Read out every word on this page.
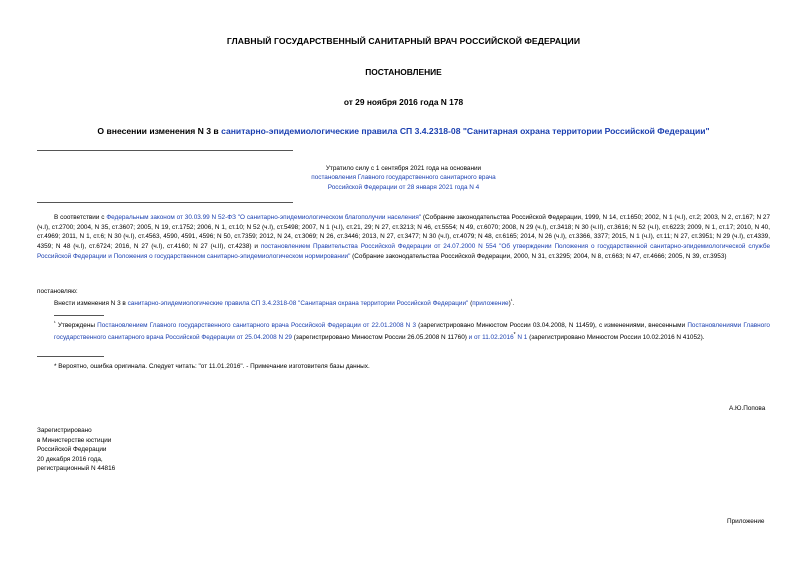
ГЛАВНЫЙ ГОСУДАРСТВЕННЫЙ САНИТАРНЫЙ ВРАЧ РОССИЙСКОЙ ФЕДЕРАЦИИ
ПОСТАНОВЛЕНИЕ
от 29 ноября 2016 года N 178
О внесении изменения N 3 в санитарно-эпидемиологические правила СП 3.4.2318-08 "Санитарная охрана территории Российской Федерации"
Утратило силу с 1 сентября 2021 года на основании
постановления Главного государственного санитарного врача
Российской Федерации от 28 января 2021 года N 4
В соответствии с Федеральным законом от 30.03.99 N 52-ФЗ "О санитарно-эпидемиологическом благополучии населения" (Собрание законодательства Российской Федерации, 1999, N 14, ст.1650; 2002, N 1 (ч.I), ст.2; 2003, N 2, ст.167; N 27 (ч.I), ст.2700; 2004, N 35, ст.3607; 2005, N 19, ст.1752; 2006, N 1, ст.10; N 52 (ч.I), ст.5498; 2007, N 1 (ч.I), ст.21, 29; N 27, ст.3213; N 46, ст.5554; N 49, ст.6070; 2008, N 29 (ч.I), ст.3418; N 30 (ч.II), ст.3616; N 52 (ч.I), ст.6223; 2009, N 1, ст.17; 2010, N 40, ст.4969; 2011, N 1, ст.6; N 30 (ч.I), ст.4563, 4590, 4591, 4596; N 50, ст.7359; 2012, N 24, ст.3069; N 26, ст.3446; 2013, N 27, ст.3477; N 30 (ч.I), ст.4079; N 48, ст.6165; 2014, N 26 (ч.I), ст.3366, 3377; 2015, N 1 (ч.I), ст.11; N 27, ст.3951; N 29 (ч.I), ст.4339, 4359; N 48 (ч.I), ст.6724; 2016, N 27 (ч.I), ст.4160; N 27 (ч.II), ст.4238) и постановлением Правительства Российской Федерации от 24.07.2000 N 554 "Об утверждении Положения о государственной санитарно-эпидемиологической службе Российской Федерации и Положения о государственном санитарно-эпидемиологическом нормировании" (Собрание законодательства Российской Федерации, 2000, N 31, ст.3295; 2004, N 8, ст.663; N 47, ст.4666; 2005, N 39, ст.3953)
постановляю:
Внести изменения N 3 в санитарно-эпидемиологические правила СП 3.4.2318-08 "Санитарная охрана территории Российской Федерации" (приложение)$^{^1}$.
$^{^1}$ Утверждены Постановлением Главного государственного санитарного врача Российской Федерации от 22.01.2008 N 3 (зарегистрировано Минюстом России 03.04.2008, N 11459), с изменениями, внесенными Постановлениями Главного государственного санитарного врача Российской Федерации от 25.04.2008 N 29 (зарегистрировано Минюстом России 26.05.2008 N 11760) и от 11.02.2016* N 1 (зарегистрировано Минюстом России 10.02.2016 N 41052).
* Вероятно, ошибка оригинала. Следует читать: "от 11.01.2016". - Примечание изготовителя базы данных.
А.Ю.Попова
Зарегистрировано
в Министерстве юстиции
Российской Федерации
20 декабря 2016 года,
регистрационный N 44816
Приложение
